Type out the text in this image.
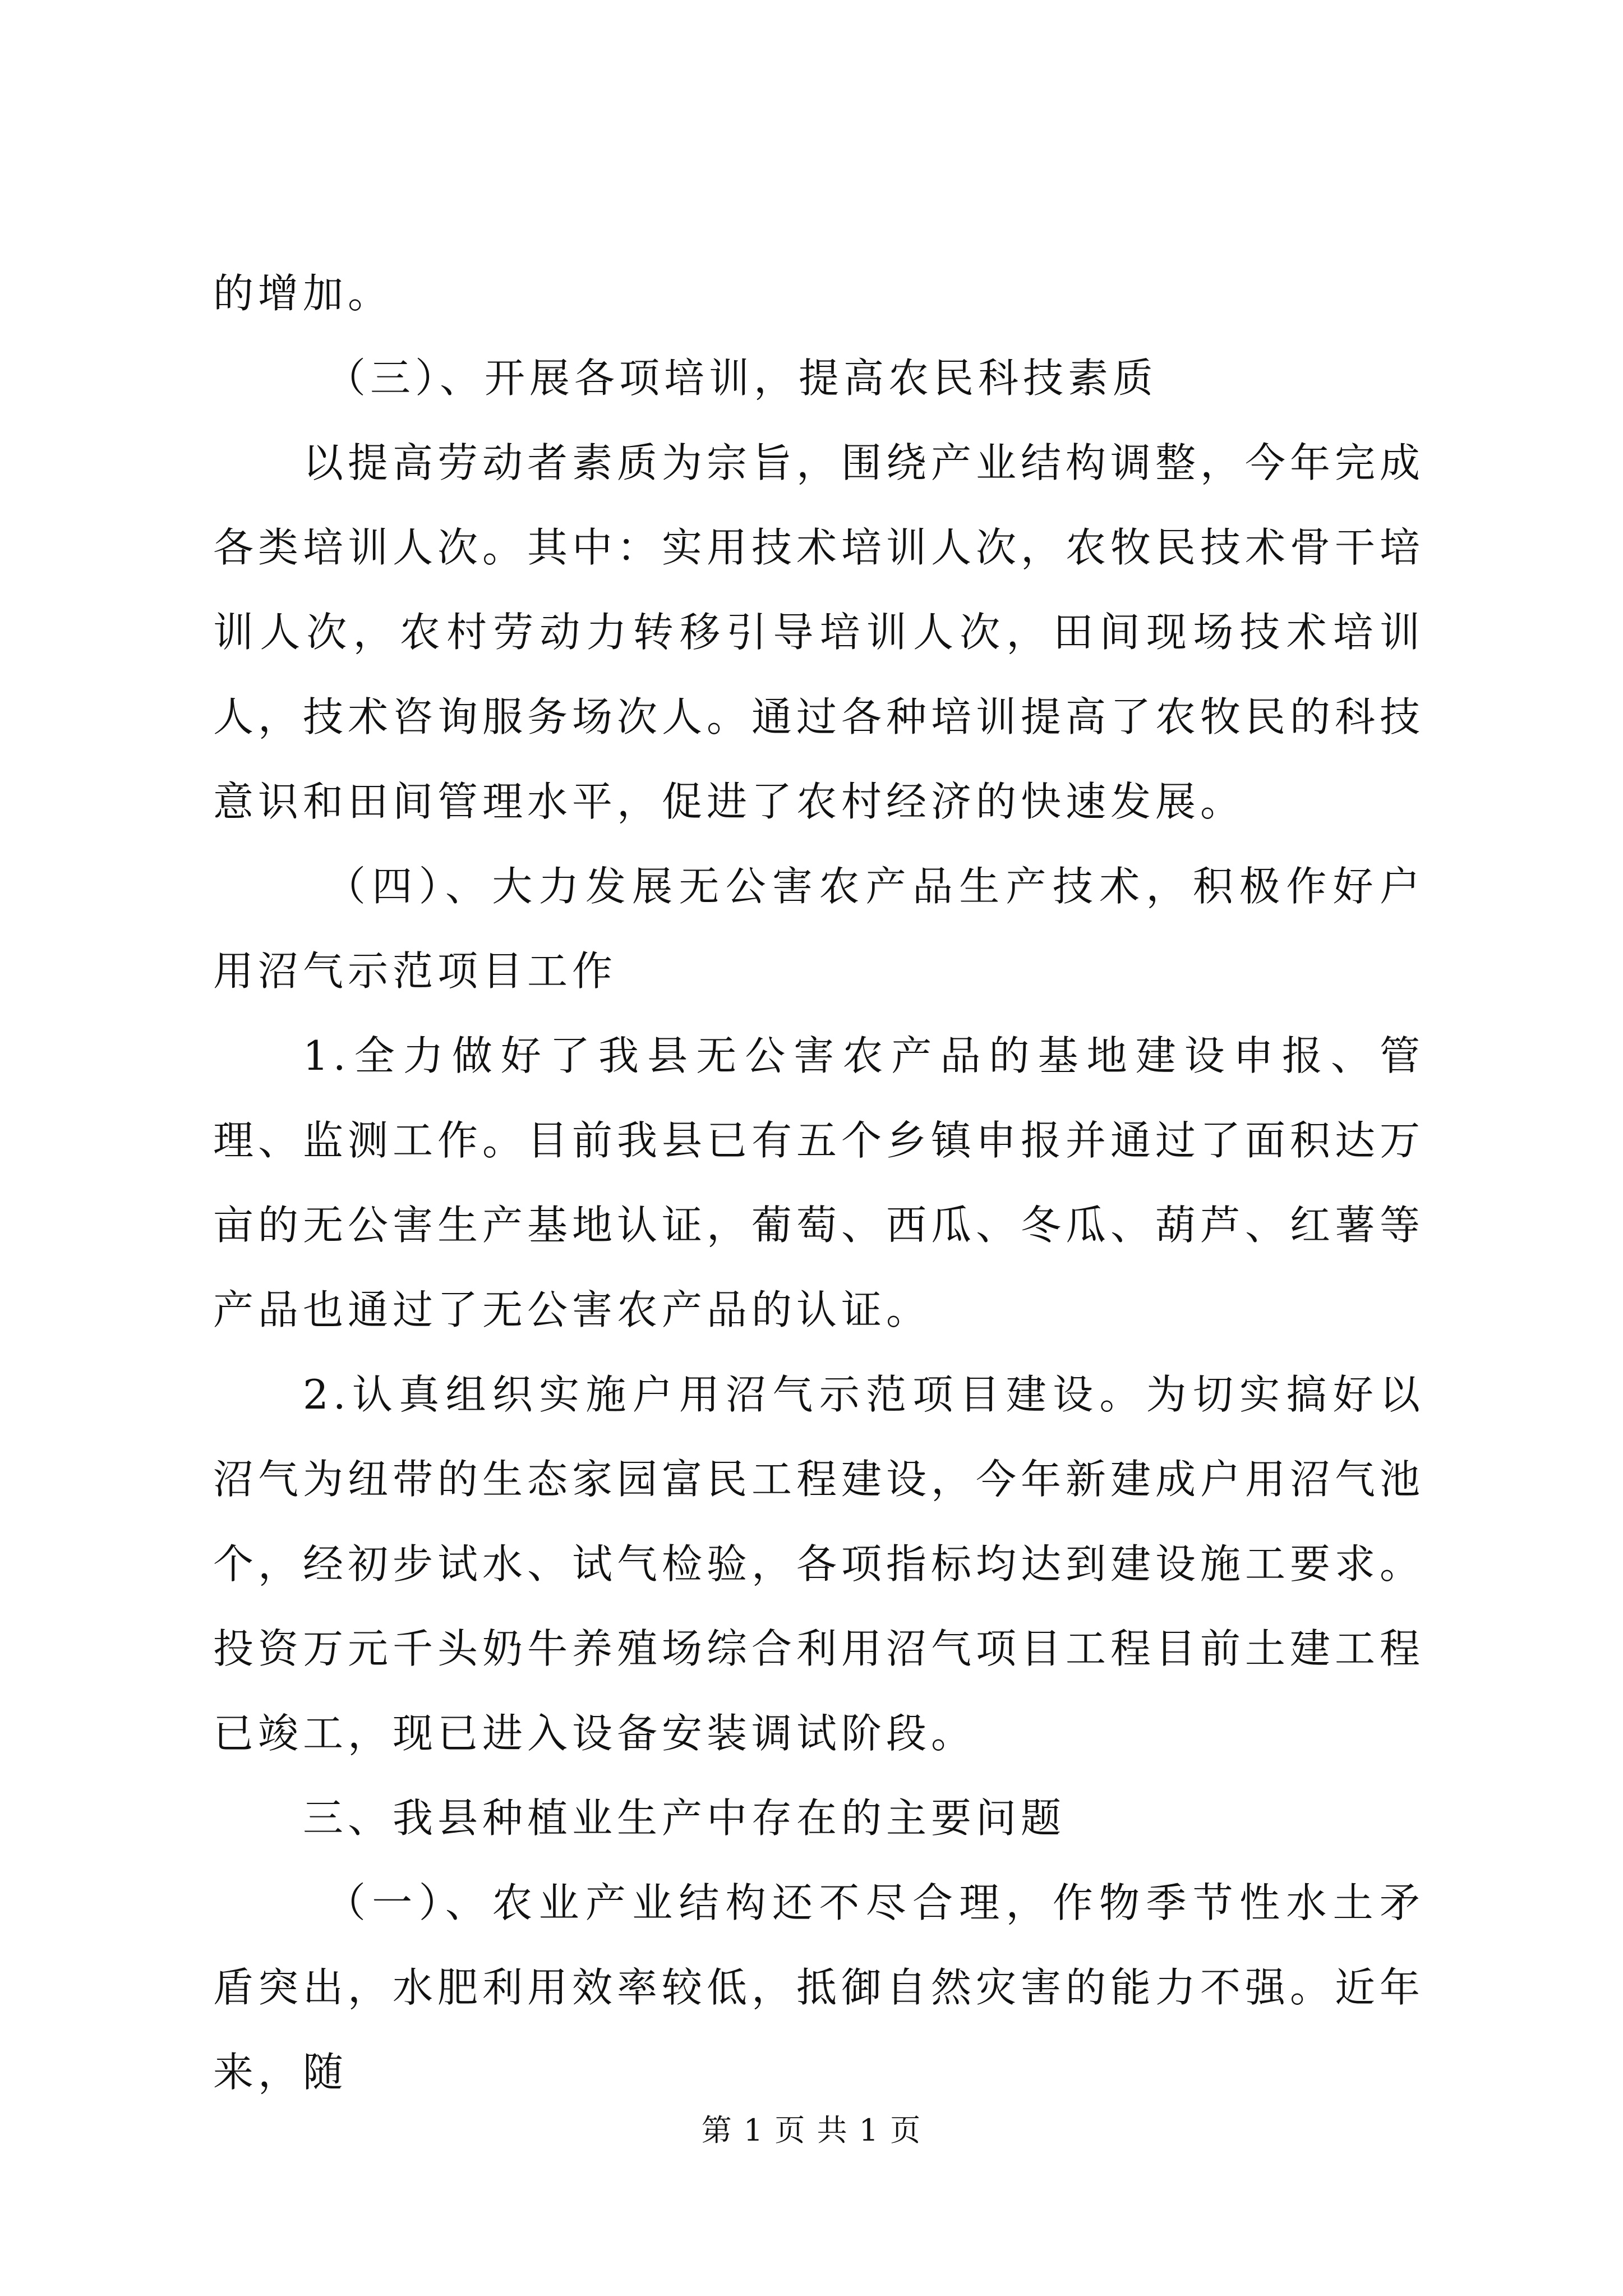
的增加。

（三）、开展各项培训，提高农民科技素质

以提高劳动者素质为宗旨，围绕产业结构调整，今年完成各类培训人次。其中：实用技术培训人次，农牧民技术骨干培训人次，农村劳动力转移引导培训人次，田间现场技术培训人，技术咨询服务场次人。通过各种培训提高了农牧民的科技意识和田间管理水平，促进了农村经济的快速发展。

（四）、大力发展无公害农产品生产技术，积极作好户用沼气示范项目工作

1.全力做好了我县无公害农产品的基地建设申报、管理、监测工作。目前我县已有五个乡镇申报并通过了面积达万亩的无公害生产基地认证，葡萄、西瓜、冬瓜、葫芦、红薯等产品也通过了无公害农产品的认证。

2.认真组织实施户用沼气示范项目建设。为切实搞好以沼气为纽带的生态家园富民工程建设，今年新建成户用沼气池个，经初步试水、试气检验，各项指标均达到建设施工要求。投资万元千头奶牛养殖场综合利用沼气项目工程目前土建工程已竣工，现已进入设备安装调试阶段。

三、我县种植业生产中存在的主要问题

（一）、农业产业结构还不尽合理，作物季节性水土矛盾突出，水肥利用效率较低，抵御自然灾害的能力不强。近年来，随

第 1 页 共 1 页
